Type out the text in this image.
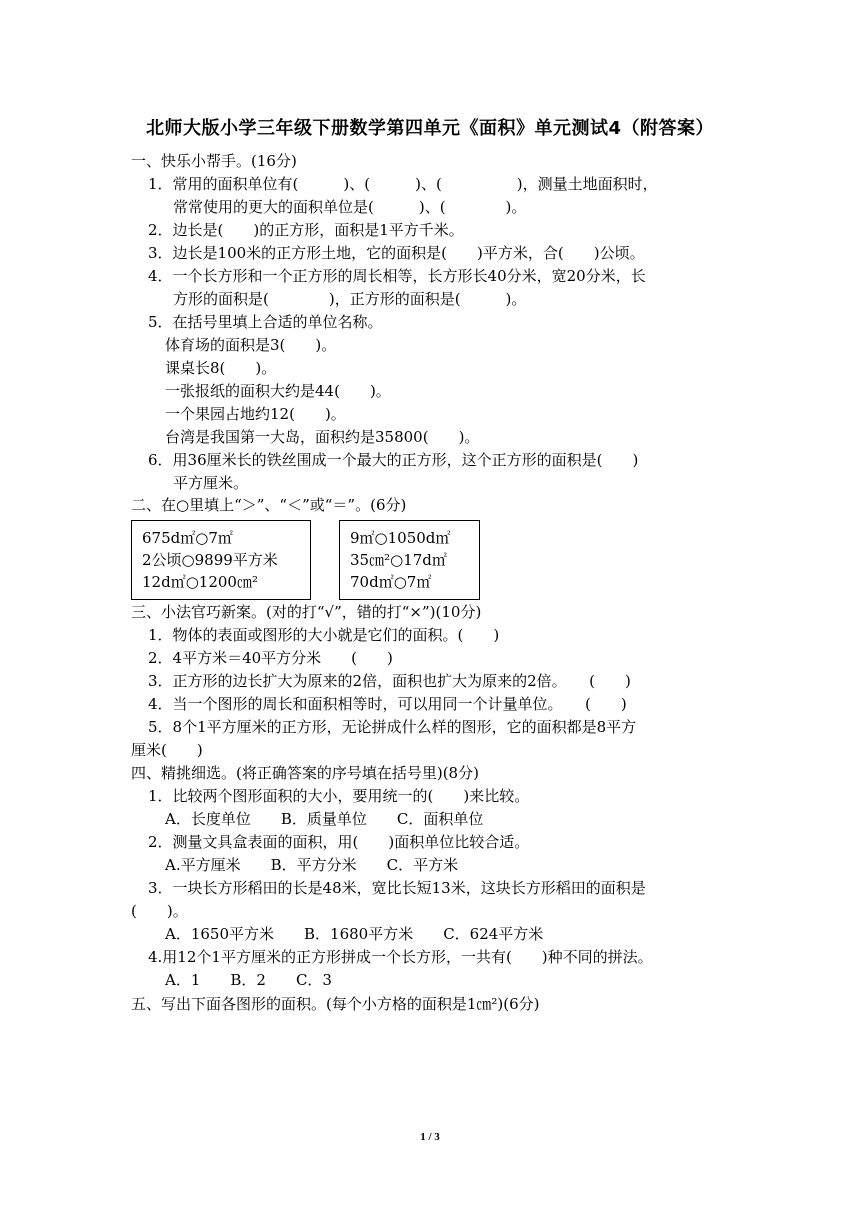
北师大版小学三年级下册数学第四单元《面积》单元测试4（附答案）
一、快乐小帮手。(16分)
1．常用的面积单位有(　　　)、(　　　)、(　　　　　)，测量土地面积时，
常常使用的更大的面积单位是(　　　)、(　　　　)。
2．边长是(　　)的正方形，面积是1平方千米。
3．边长是100米的正方形土地，它的面积是(　　)平方米，合(　　)公顷。
4．一个长方形和一个正方形的周长相等，长方形长40分米，宽20分米，长
方形的面积是(　　　　)，正方形的面积是(　　　)。
5．在括号里填上合适的单位名称。
体育场的面积是3(　　)。
课桌长8(　　)。
一张报纸的面积大约是44(　　)。
一个果园占地约12(　　)。
台湾是我国第一大岛，面积约是35800(　　)。
6．用36厘米长的铁丝围成一个最大的正方形，这个正方形的面积是(　　)
平方厘米。
二、在○里填上“＞”、“＜”或“＝”。(6分)
675d㎡○7㎡
2公顷○9899平方米
12d㎡○1200㎝²
9㎡○1050d㎡
35㎝²○17d㎡
70d㎡○7㎡
三、小法官巧新案。(对的打“√”，错的打“×”)(10分)
1．物体的表面或图形的大小就是它们的面积。(　　)
2．4平方米＝40平方分米　　(　　)
3．正方形的边长扩大为原来的2倍，面积也扩大为原来的2倍。　　(　　)
4．当一个图形的周长和面积相等时，可以用同一个计量单位。　　(　　)
5．8个1平方厘米的正方形，无论拼成什么样的图形，它的面积都是8平方
厘米(　　)
四、精挑细选。(将正确答案的序号填在括号里)(8分)
1．比较两个图形面积的大小，要用统一的(　　)来比较。
A．长度单位　　B．质量单位　　C．面积单位
2．测量文具盒表面的面积，用(　　)面积单位比较合适。
A.平方厘米　　B．平方分米　　C．平方米
3．一块长方形稻田的长是48米，宽比长短13米，这块长方形稻田的面积是
(　　)。
A．1650平方米　　B．1680平方米　　C．624平方米
4.用12个1平方厘米的正方形拼成一个长方形，一共有(　　)种不同的拼法。
A．1　　B．2　　C．3
五、写出下面各图形的面积。(每个小方格的面积是1㎝²)(6分)
1 / 3
